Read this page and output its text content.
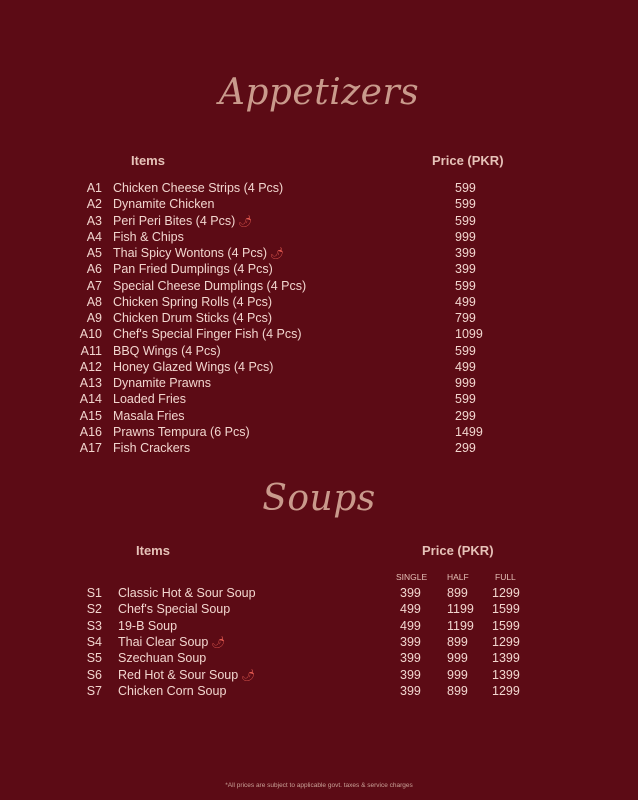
Appetizers
Items	Price (PKR)
A1 Chicken Cheese Strips (4 Pcs)	599
A2 Dynamite Chicken	599
A3 Peri Peri Bites (4 Pcs) 🌶	599
A4 Fish & Chips	999
A5 Thai Spicy Wontons (4 Pcs) 🌶	399
A6 Pan Fried Dumplings (4 Pcs)	399
A7 Special Cheese Dumplings (4 Pcs)	599
A8 Chicken Spring Rolls (4 Pcs)	499
A9 Chicken Drum Sticks (4 Pcs)	799
A10 Chef's Special Finger Fish (4 Pcs)	1099
A11 BBQ Wings (4 Pcs)	599
A12 Honey Glazed Wings (4 Pcs)	499
A13 Dynamite Prawns	999
A14 Loaded Fries	599
A15 Masala Fries	299
A16 Prawns Tempura (6 Pcs)	1499
A17 Fish Crackers	299
Soups
Items	Price (PKR)
SINGLE HALF	FULL
S1 Classic Hot & Sour Soup	399 899 1299
S2 Chef's Special Soup	499 1199 1599
S3 19-B Soup	499 1199 1599
S4 Thai Clear Soup 🌶	399 899 1299
S5 Szechuan Soup	399 999 1399
S6 Red Hot & Sour Soup 🌶	399 999 1399
S7 Chicken Corn Soup	399 899 1299
*All prices are subject to applicable govt. taxes & service charges
